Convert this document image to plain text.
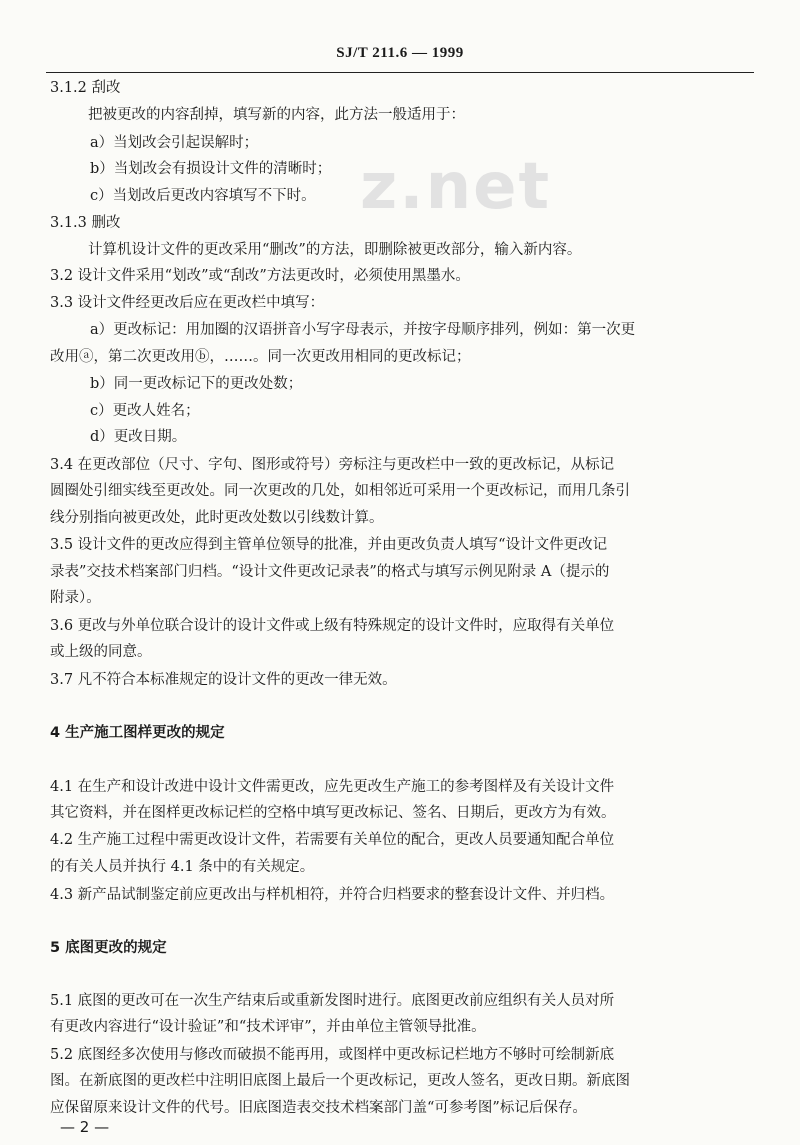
SJ/T 211.6 — 1999
z.net
3.1.2 刮改
把被更改的内容刮掉，填写新的内容，此方法一般适用于：
a）当划改会引起误解时；
b）当划改会有损设计文件的清晰时；
c）当划改后更改内容填写不下时。
3.1.3 删改
计算机设计文件的更改采用“删改”的方法，即删除被更改部分，输入新内容。
3.2 设计文件采用“划改”或“刮改”方法更改时，必须使用黑墨水。
3.3 设计文件经更改后应在更改栏中填写：
a）更改标记：用加圈的汉语拼音小写字母表示，并按字母顺序排列，例如：第一次更
改用ⓐ，第二次更改用ⓑ，……。同一次更改用相同的更改标记；
b）同一更改标记下的更改处数；
c）更改人姓名；
d）更改日期。
3.4 在更改部位（尺寸、字句、图形或符号）旁标注与更改栏中一致的更改标记，从标记
圆圈处引细实线至更改处。同一次更改的几处，如相邻近可采用一个更改标记，而用几条引
线分别指向被更改处，此时更改处数以引线数计算。
3.5 设计文件的更改应得到主管单位领导的批准，并由更改负责人填写“设计文件更改记
录表”交技术档案部门归档。“设计文件更改记录表”的格式与填写示例见附录 A（提示的
附录）。
3.6 更改与外单位联合设计的设计文件或上级有特殊规定的设计文件时，应取得有关单位
或上级的同意。
3.7 凡不符合本标准规定的设计文件的更改一律无效。
4 生产施工图样更改的规定
4.1 在生产和设计改进中设计文件需更改，应先更改生产施工的参考图样及有关设计文件
其它资料，并在图样更改标记栏的空格中填写更改标记、签名、日期后，更改方为有效。
4.2 生产施工过程中需更改设计文件，若需要有关单位的配合，更改人员要通知配合单位
的有关人员并执行 4.1 条中的有关规定。
4.3 新产品试制鉴定前应更改出与样机相符，并符合归档要求的整套设计文件、并归档。
5 底图更改的规定
5.1 底图的更改可在一次生产结束后或重新发图时进行。底图更改前应组织有关人员对所
有更改内容进行“设计验证”和“技术评审”，并由单位主管领导批准。
5.2 底图经多次使用与修改而破损不能再用，或图样中更改标记栏地方不够时可绘制新底
图。在新底图的更改栏中注明旧底图上最后一个更改标记，更改人签名，更改日期。新底图
应保留原来设计文件的代号。旧底图造表交技术档案部门盖“可参考图”标记后保存。
— 2 —
